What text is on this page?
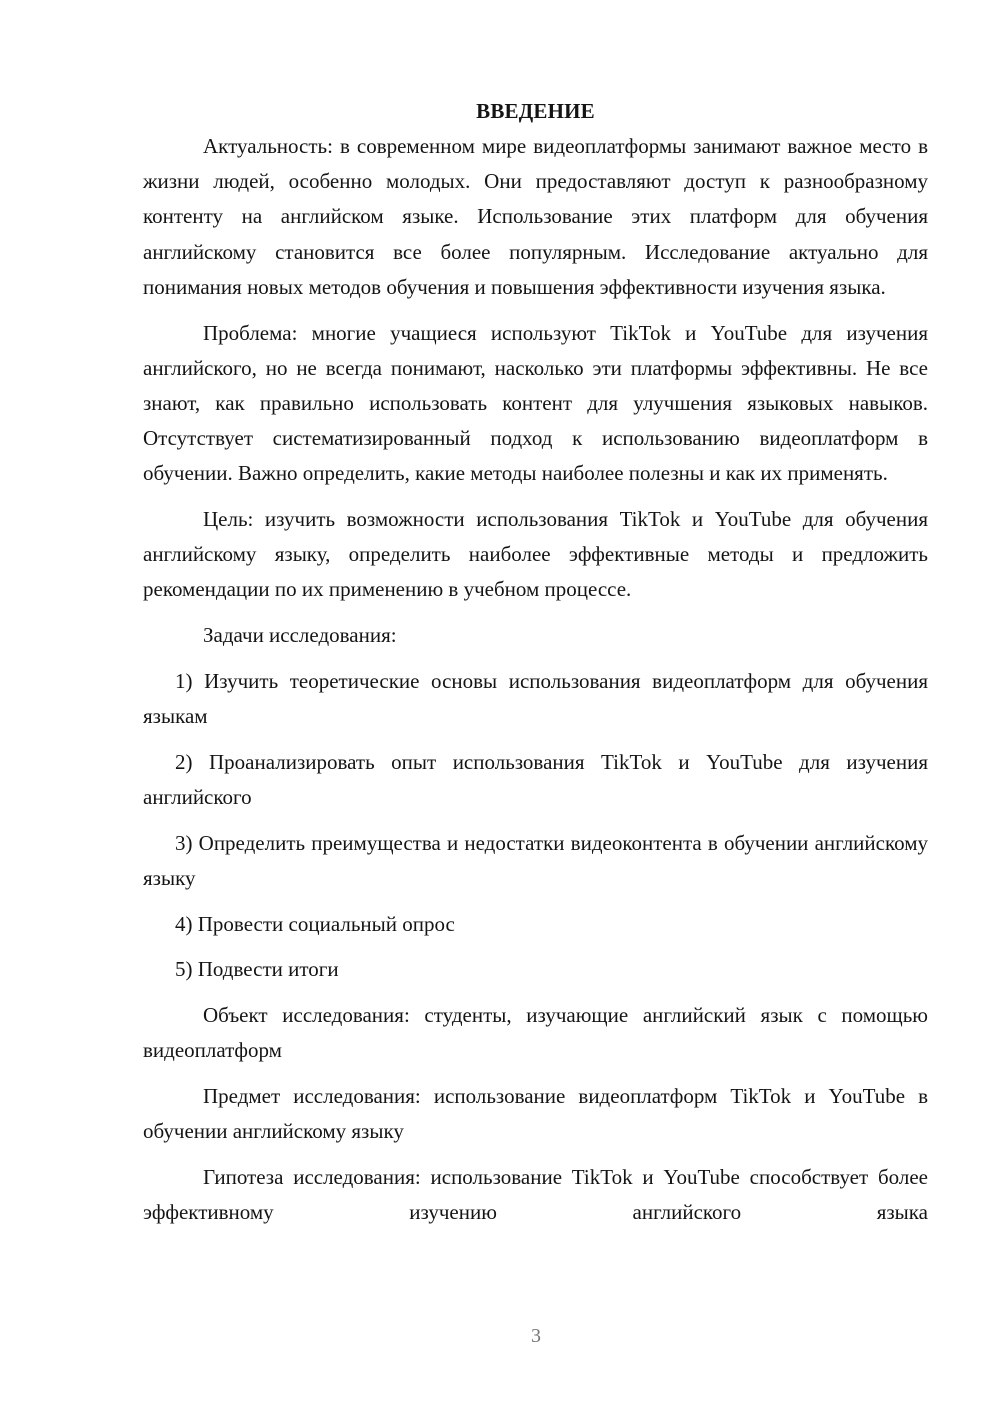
ВВЕДЕНИЕ

Актуальность: в современном мире видеоплатформы занимают важное место в жизни людей, особенно молодых. Они предоставляют доступ к разнообразному контенту на английском языке. Использование этих платформ для обучения английскому становится все более популярным. Исследование актуально для понимания новых методов обучения и повышения эффективности изучения языка.

Проблема: многие учащиеся используют TikTok и YouTube для изучения английского, но не всегда понимают, насколько эти платформы эффективны. Не все знают, как правильно использовать контент для улучшения языковых навыков. Отсутствует систематизированный подход к использованию видеоплатформ в обучении. Важно определить, какие методы наиболее полезны и как их применять.

Цель: изучить возможности использования TikTok и YouTube для обучения английскому языку, определить наиболее эффективные методы и предложить рекомендации по их применению в учебном процессе.

Задачи исследования:

1) Изучить теоретические основы использования видеоплатформ для обучения языкам

2) Проанализировать опыт использования TikTok и YouTube для изучения английского

3) Определить преимущества и недостатки видеоконтента в обучении английскому языку

4) Провести социальный опрос

5) Подвести итоги

Объект исследования: студенты, изучающие английский язык с помощью видеоплатформ

Предмет исследования: использование видеоплатформ TikTok и YouTube в обучении английскому языку

Гипотеза исследования: использование TikTok и YouTube способствует более эффективному изучению английского языка

3
